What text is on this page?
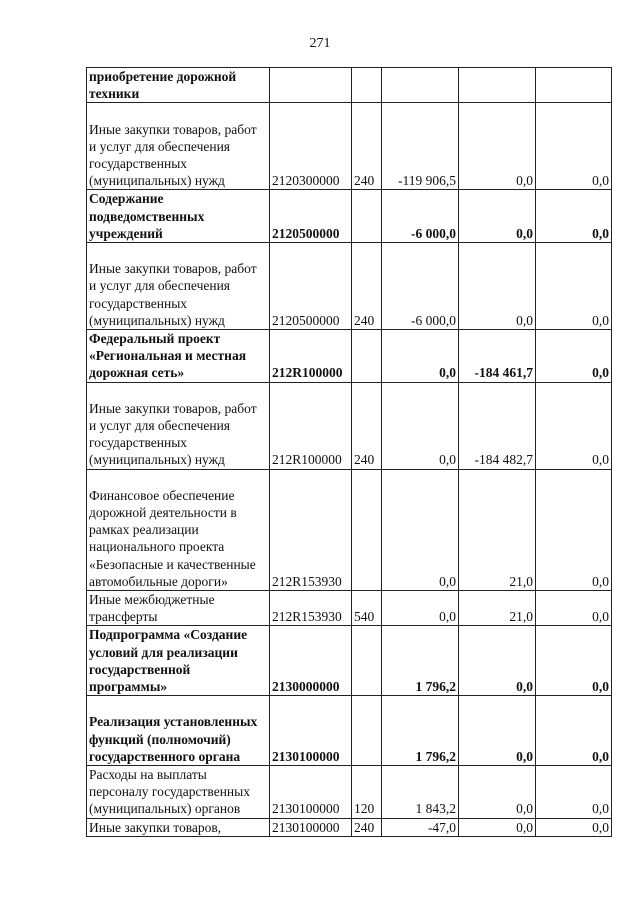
271
приобретение дорожной техники					
Иные закупки товаров, работ и услуг для обеспечения государственных (муниципальных) нужд	2120300000	240	-119 906,5	0,0	0,0
Содержание подведомственных учреждений	2120500000		-6 000,0	0,0	0,0
Иные закупки товаров, работ и услуг для обеспечения государственных (муниципальных) нужд	2120500000	240	-6 000,0	0,0	0,0
Федеральный проект «Региональная и местная дорожная сеть»	212R100000		0,0	-184 461,7	0,0
Иные закупки товаров, работ и услуг для обеспечения государственных (муниципальных) нужд	212R100000	240	0,0	-184 482,7	0,0
Финансовое обеспечение дорожной деятельности в рамках реализации национального проекта «Безопасные и качественные автомобильные дороги»	212R153930		0,0	21,0	0,0
Иные межбюджетные трансферты	212R153930	540	0,0	21,0	0,0
Подпрограмма «Создание условий для реализации государственной программы»	2130000000		1 796,2	0,0	0,0
Реализация установленных функций (полномочий) государственного органа	2130100000		1 796,2	0,0	0,0
Расходы на выплаты персоналу государственных (муниципальных) органов	2130100000	120	1 843,2	0,0	0,0
Иные закупки товаров,	2130100000	240	-47,0	0,0	0,0
